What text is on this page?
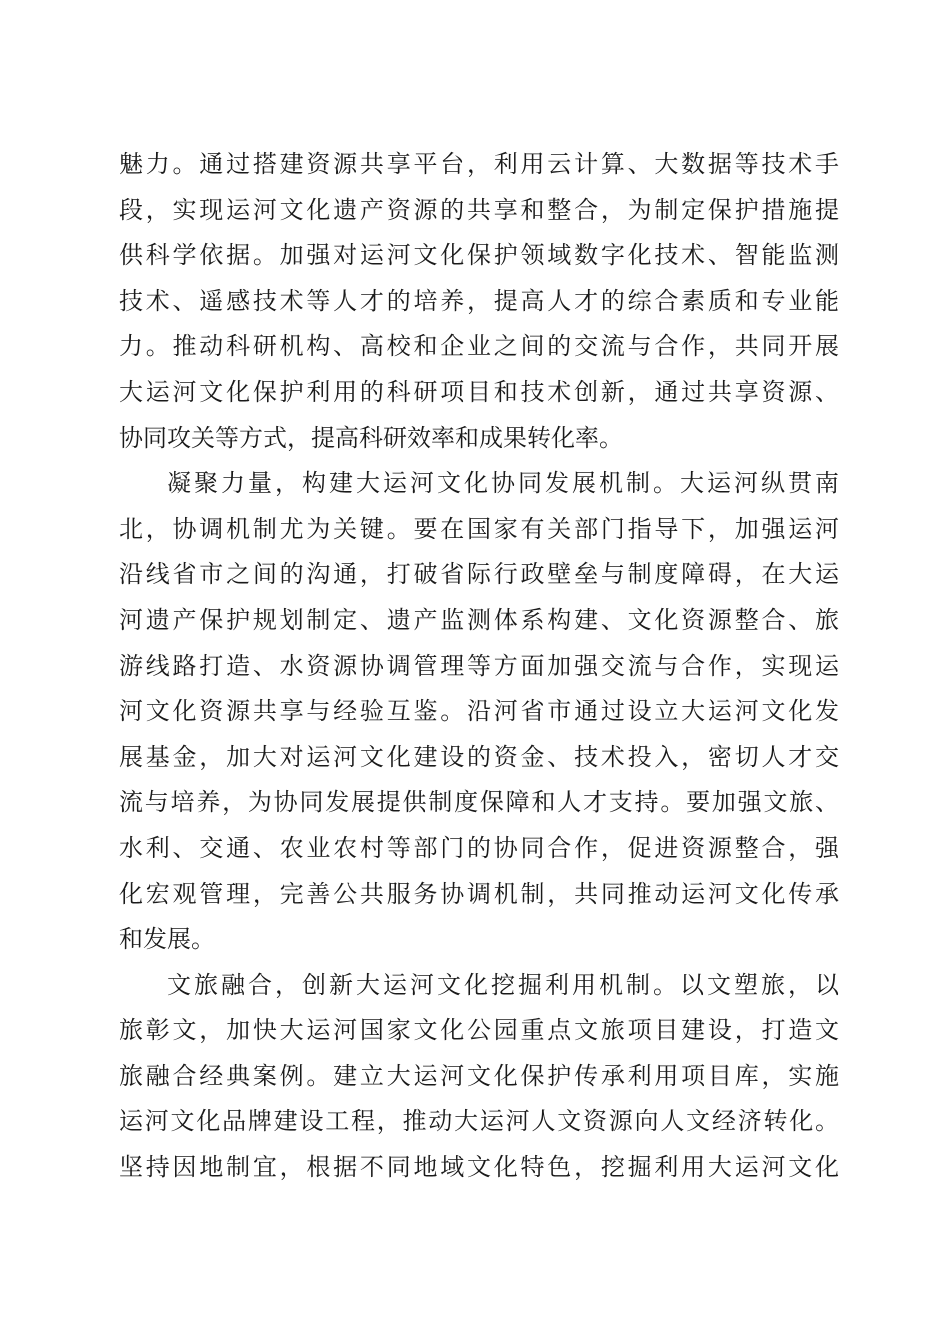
魅力。通过搭建资源共享平台，利用云计算、大数据等技术手
段，实现运河文化遗产资源的共享和整合，为制定保护措施提
供科学依据。加强对运河文化保护领域数字化技术、智能监测
技术、遥感技术等人才的培养，提高人才的综合素质和专业能
力。推动科研机构、高校和企业之间的交流与合作，共同开展
大运河文化保护利用的科研项目和技术创新，通过共享资源、
协同攻关等方式，提高科研效率和成果转化率。
凝聚力量，构建大运河文化协同发展机制。大运河纵贯南
北，协调机制尤为关键。要在国家有关部门指导下，加强运河
沿线省市之间的沟通，打破省际行政壁垒与制度障碍，在大运
河遗产保护规划制定、遗产监测体系构建、文化资源整合、旅
游线路打造、水资源协调管理等方面加强交流与合作，实现运
河文化资源共享与经验互鉴。沿河省市通过设立大运河文化发
展基金，加大对运河文化建设的资金、技术投入，密切人才交
流与培养，为协同发展提供制度保障和人才支持。要加强文旅、
水利、交通、农业农村等部门的协同合作，促进资源整合，强
化宏观管理，完善公共服务协调机制，共同推动运河文化传承
和发展。
文旅融合，创新大运河文化挖掘利用机制。以文塑旅，以
旅彰文，加快大运河国家文化公园重点文旅项目建设，打造文
旅融合经典案例。建立大运河文化保护传承利用项目库，实施
运河文化品牌建设工程，推动大运河人文资源向人文经济转化。
坚持因地制宜，根据不同地域文化特色，挖掘利用大运河文化
